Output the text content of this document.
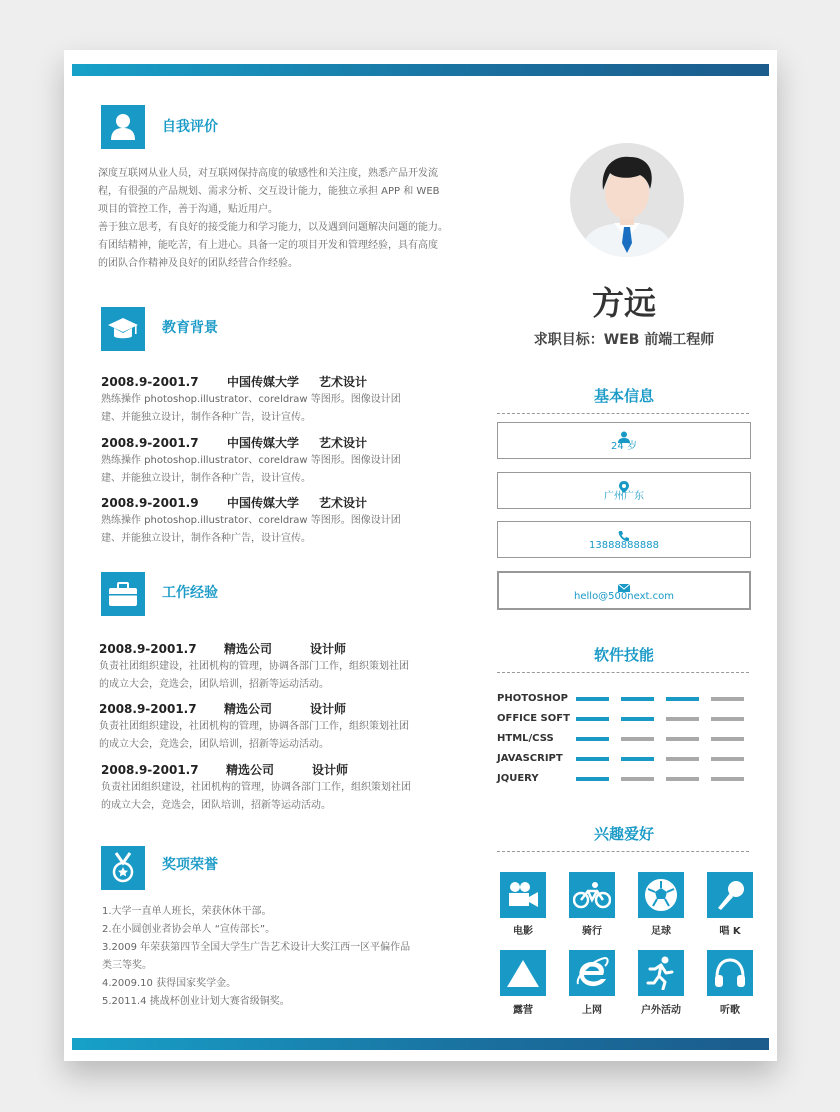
自我评价
深度互联网从业人员，对互联网保持高度的敏感性和关注度，熟悉产品开发流
程，有很强的产品规划、需求分析、交互设计能力，能独立承担 APP 和 WEB
项目的管控工作，善于沟通，贴近用户。
善于独立思考，有良好的接受能力和学习能力，以及遇到问题解决问题的能力。
有团结精神，能吃苦，有上进心。具备一定的项目开发和管理经验，具有高度
的团队合作精神及良好的团队经营合作经验。
教育背景
2008.9-2001.7 中国传媒大学 艺术设计
熟练操作 photoshop.illustrator、coreldraw 等图形。图像设计团
建、并能独立设计，制作各种广告，设计宣传。
2008.9-2001.7 中国传媒大学 艺术设计
熟练操作 photoshop.illustrator、coreldraw 等图形。图像设计团
建、并能独立设计，制作各种广告，设计宣传。
2008.9-2001.9 中国传媒大学 艺术设计
熟练操作 photoshop.illustrator、coreldraw 等图形。图像设计团
建、并能独立设计，制作各种广告，设计宣传。
工作经验
2008.9-2001.7 精选公司	设计师
负责社团组织建设，社团机构的管理，协调各部门工作，组织策划社团
的成立大会，竞选会，团队培训，招新等运动活动。
2008.9-2001.7 精选公司	设计师
负责社团组织建设，社团机构的管理，协调各部门工作，组织策划社团
的成立大会，竞选会，团队培训，招新等运动活动。
2008.9-2001.7 精选公司	设计师
负责社团组织建设，社团机构的管理，协调各部门工作，组织策划社团
的成立大会，竞选会，团队培训，招新等运动活动。
奖项荣誉
1.大学一直单人班长，荣获休休干部。
2.在小圆创业者协会单人 “宣传部长”。
3.2009 年荣获第四节全国大学生广告艺术设计大奖江西一区平偏作品
类三等奖。
4.2009.10 获得国家奖学金。
5.2011.4 挑战杯创业计划大赛省级铜奖。
方远
求职目标：WEB 前端工程师
基本信息
24 岁
广州广东
13888888888
hello@500next.com
软件技能
兴趣爱好
电影	骑行	足球	唱 K
露营	上网	户外活动	听歌
PHOTOSHOP
OFFICE SOFT
HTML/CSS
JAVASCRIPT
JQUERY
